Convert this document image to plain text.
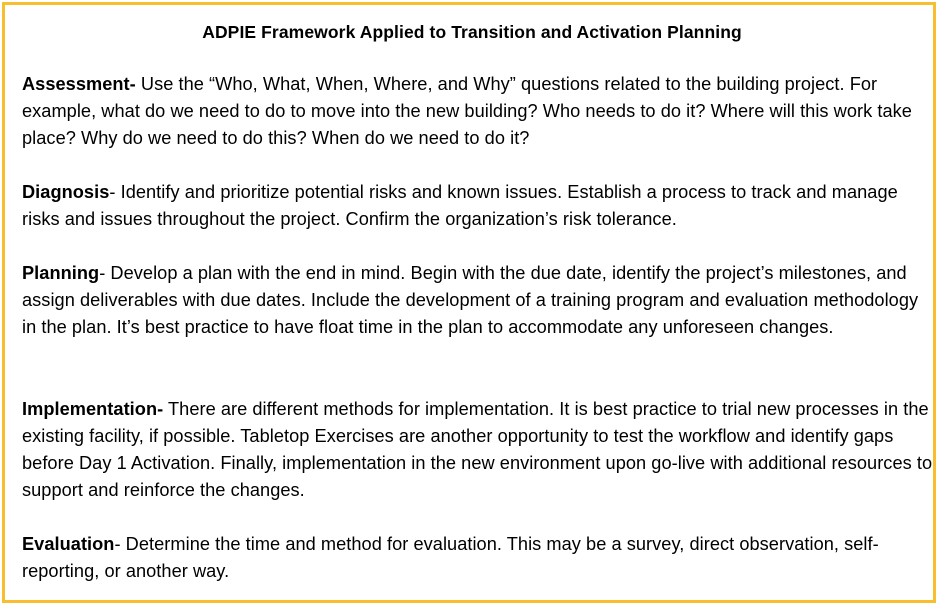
ADPIE Framework Applied to Transition and Activation Planning
Assessment- Use the “Who, What, When, Where, and Why” questions related to the building project. For example, what do we need to do to move into the new building? Who needs to do it? Where will this work take place? Why do we need to do this? When do we need to do it?
Diagnosis- Identify and prioritize potential risks and known issues. Establish a process to track and manage risks and issues throughout the project. Confirm the organization’s risk tolerance.
Planning- Develop a plan with the end in mind. Begin with the due date, identify the project’s milestones, and assign deliverables with due dates. Include the development of a training program and evaluation methodology in the plan. It’s best practice to have float time in the plan to accommodate any unforeseen changes.
Implementation- There are different methods for implementation. It is best practice to trial new processes in the existing facility, if possible. Tabletop Exercises are another opportunity to test the workflow and identify gaps before Day 1 Activation. Finally, implementation in the new environment upon go-live with additional resources to support and reinforce the changes.
Evaluation- Determine the time and method for evaluation. This may be a survey, direct observation, self-reporting, or another way.
